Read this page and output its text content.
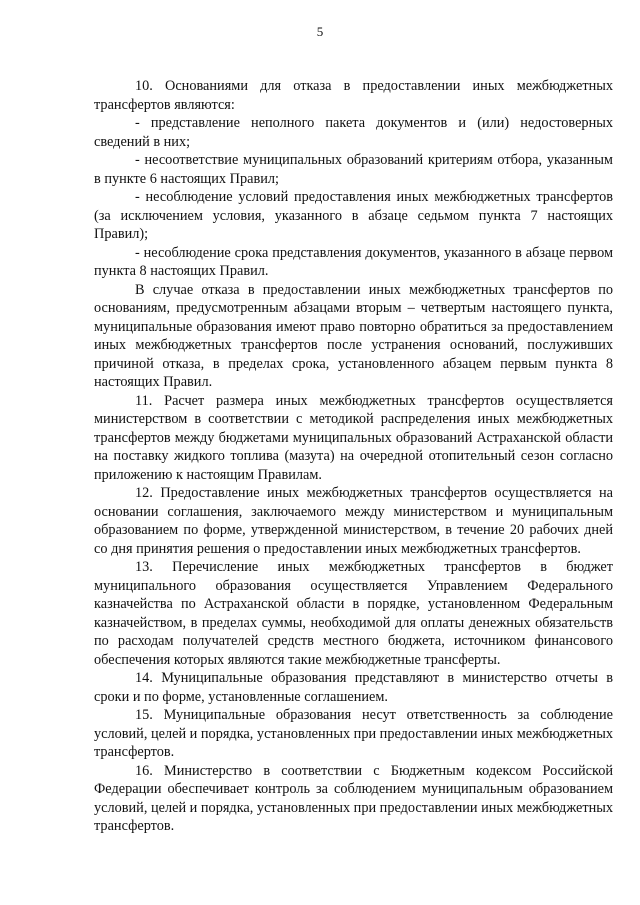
5

10. Основаниями для отказа в предоставлении иных межбюджетных трансфертов являются:

- представление неполного пакета документов и (или) недостоверных сведений в них;

- несоответствие муниципальных образований критериям отбора, указанным в пункте 6 настоящих Правил;

- несоблюдение условий предоставления иных межбюджетных трансфертов (за исключением условия, указанного в абзаце седьмом пункта 7 настоящих Правил);

- несоблюдение срока представления документов, указанного в абзаце первом пункта 8 настоящих Правил.

В случае отказа в предоставлении иных межбюджетных трансфертов по основаниям, предусмотренным абзацами вторым – четвертым настоящего пункта, муниципальные образования имеют право повторно обратиться за предоставлением иных межбюджетных трансфертов после устранения оснований, послуживших причиной отказа, в пределах срока, установленного абзацем первым пункта 8 настоящих Правил.

11. Расчет размера иных межбюджетных трансфертов осуществляется министерством в соответствии с методикой распределения иных межбюджетных трансфертов между бюджетами муниципальных образований Астраханской области на поставку жидкого топлива (мазута) на очередной отопительный сезон согласно приложению к настоящим Правилам.

12. Предоставление иных межбюджетных трансфертов осуществляется на основании соглашения, заключаемого между министерством и муниципальным образованием по форме, утвержденной министерством, в течение 20 рабочих дней со дня принятия решения о предоставлении иных межбюджетных трансфертов.

13. Перечисление иных межбюджетных трансфертов в бюджет муниципального образования осуществляется Управлением Федерального казначейства по Астраханской области в порядке, установленном Федеральным казначейством, в пределах суммы, необходимой для оплаты денежных обязательств по расходам получателей средств местного бюджета, источником финансового обеспечения которых являются такие межбюджетные трансферты.

14. Муниципальные образования представляют в министерство отчеты в сроки и по форме, установленные соглашением.

15. Муниципальные образования несут ответственность за соблюдение условий, целей и порядка, установленных при предоставлении иных межбюджетных трансфертов.

16. Министерство в соответствии с Бюджетным кодексом Российской Федерации обеспечивает контроль за соблюдением муниципальным образованием условий, целей и порядка, установленных при предоставлении иных межбюджетных трансфертов.
